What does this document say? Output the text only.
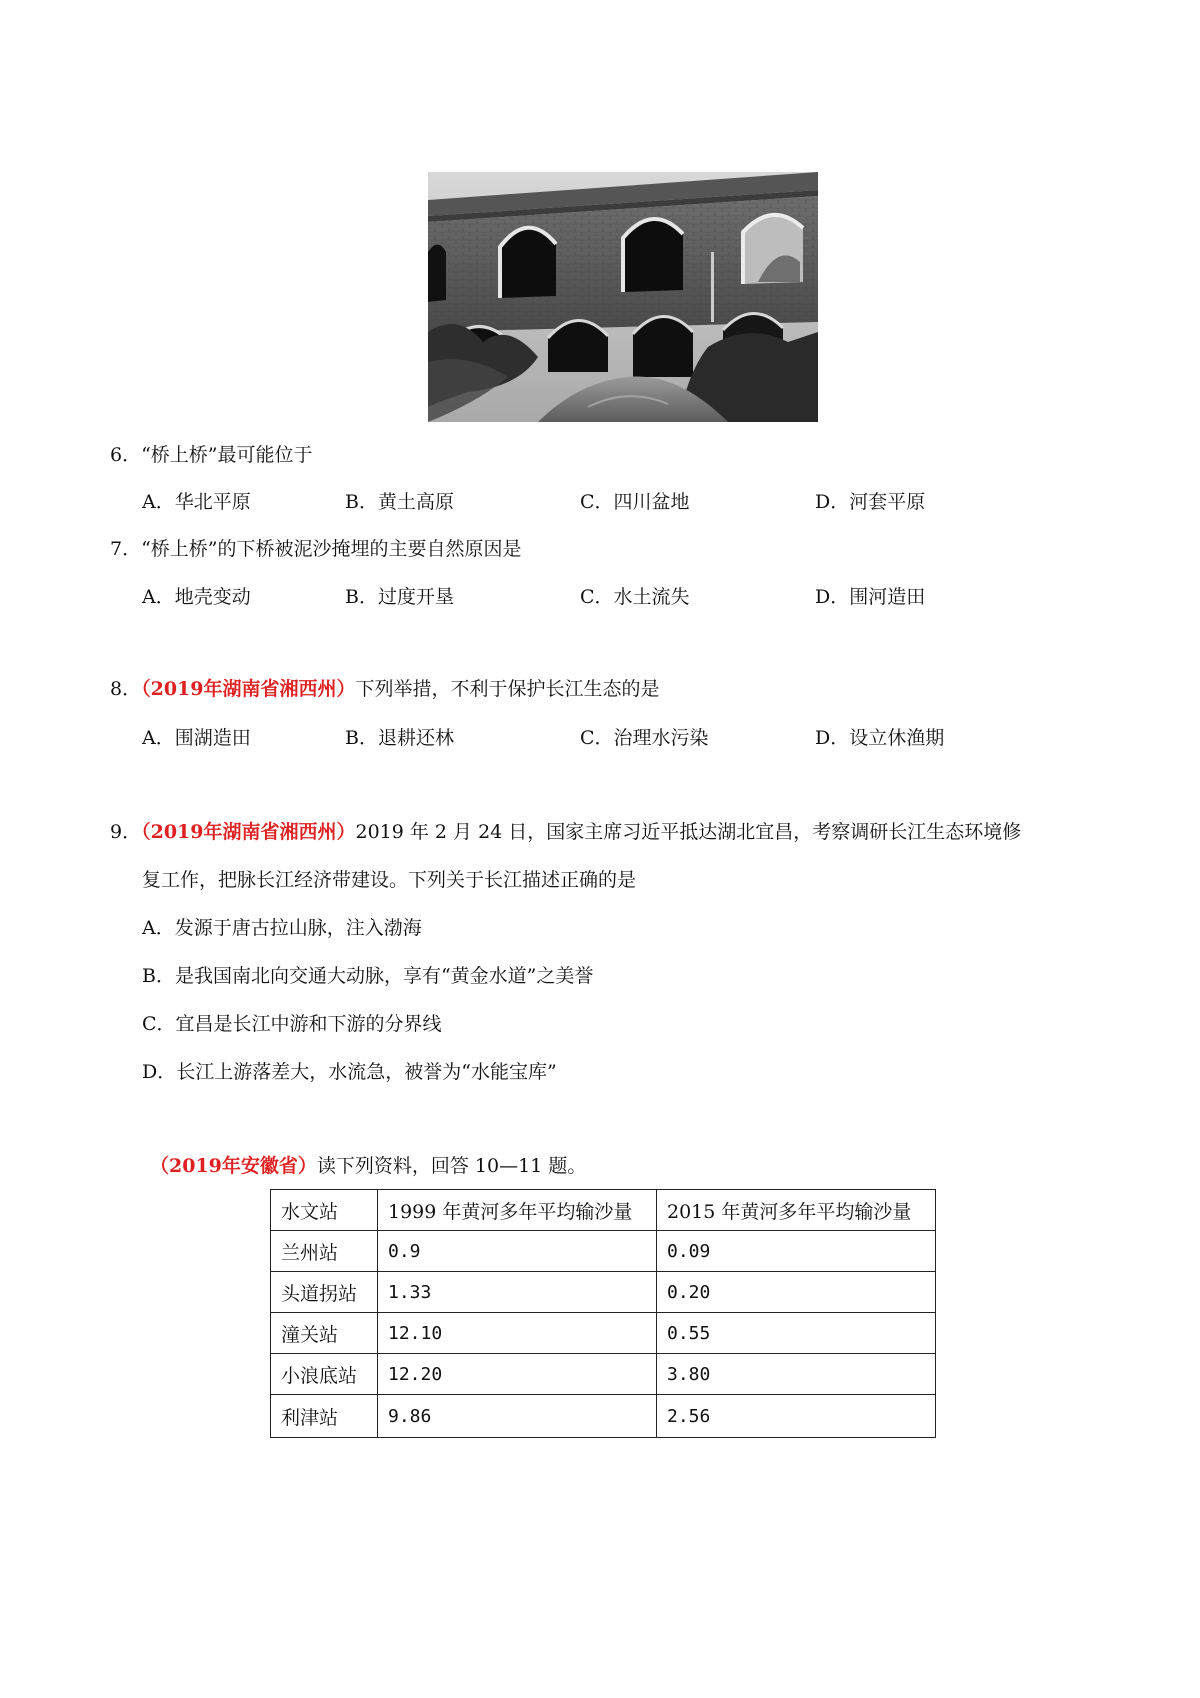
6．“桥上桥”最可能位于
A．华北平原	B．黄土高原	C．四川盆地	D．河套平原
7．“桥上桥”的下桥被泥沙掩埋的主要自然原因是
A．地壳变动	B．过度开垦	C．水土流失	D．围河造田
8．（2019年湖南省湘西州）下列举措，不利于保护长江生态的是
A．围湖造田	B．退耕还林	C．治理水污染	D．设立休渔期
9．（2019年湖南省湘西州）2019 年 2 月 24 日，国家主席习近平抵达湖北宜昌，考察调研长江生态环境修
复工作，把脉长江经济带建设。下列关于长江描述正确的是
A．发源于唐古拉山脉，注入渤海
B．是我国南北向交通大动脉，享有“黄金水道”之美誉
C．宜昌是长江中游和下游的分界线
D．长江上游落差大，水流急，被誉为“水能宝库”
（2019年安徽省）读下列资料，回答 10—11 题。
水文站	1999 年黄河多年平均输沙量	2015 年黄河多年平均输沙量
兰州站	0.9	0.09
头道拐站	1.33	0.20
潼关站	12.10	0.55
小浪底站	12.20	3.80
利津站	9.86	2.56
